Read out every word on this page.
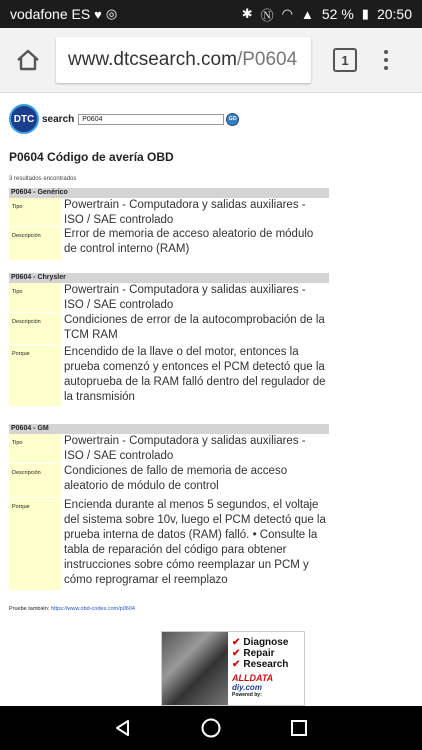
vodafone ES ♥ ◎	✱ Ⓝ ◠ ▲ 52 % ▮ 20:50
www.dtcsearch.com /P0604	1
DTC search	P0604	GO
P0604 Código de avería OBD
3 resultados encontrados
P0604 - Genérico
Tipo	Powertrain - Computadora y salidas auxiliares - ISO / SAE controlado
Descripción	Error de memoria de acceso aleatorio de módulo de control interno (RAM)
P0604 - Chrysler
Tipo	Powertrain - Computadora y salidas auxiliares - ISO / SAE controlado
Descripción	Condiciones de error de la autocomprobación de la TCM RAM
Porque	Encendido de la llave o del motor, entonces la prueba comenzó y entonces el PCM detectó que la autoprueba de la RAM falló dentro del regulador de la transmisión
P0604 - GM
Tipo	Powertrain - Computadora y salidas auxiliares - ISO / SAE controlado
Descripción	Condiciones de fallo de memoria de acceso aleatorio de módulo de control
Porque	Encienda durante al menos 5 segundos, el voltaje del sistema sobre 10v, luego el PCM detectó que la prueba interna de datos (RAM) falló. • Consulte la tabla de reparación del código para obtener instrucciones sobre cómo reemplazar un PCM y cómo reprogramar el reemplazo
Pruebe también: https://www.obd-codes.com/p0604
✔ Diagnose
✔ Repair
✔ Research
ALLDATA
diy.com
Powered by:
